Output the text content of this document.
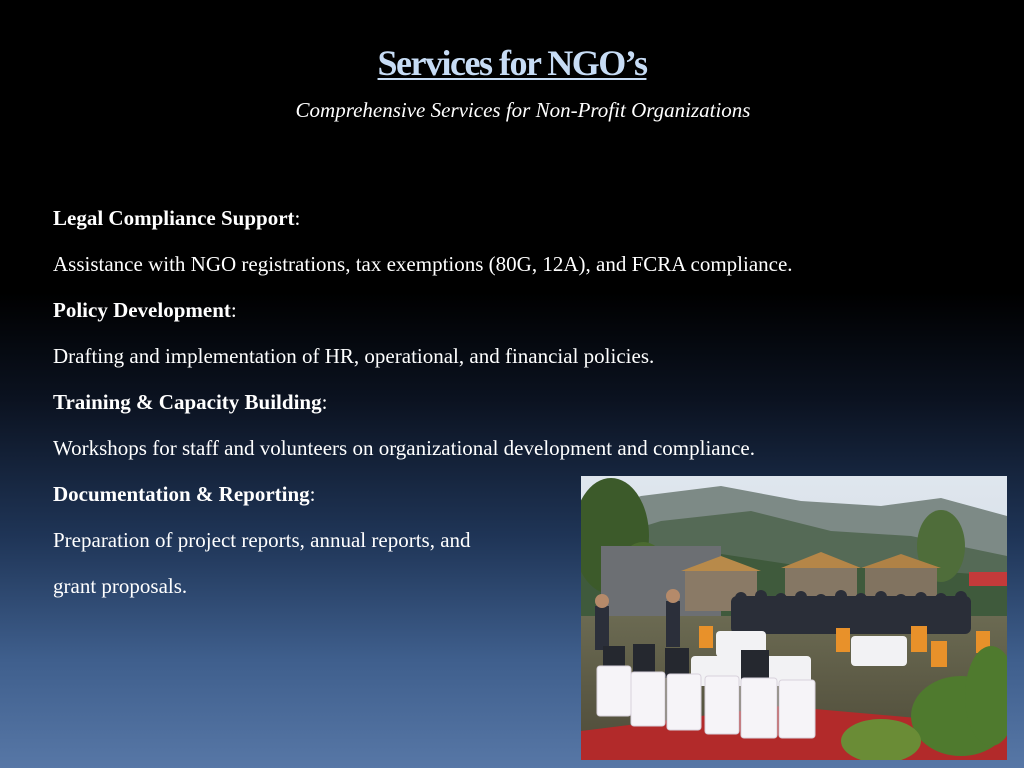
Services for NGO’s
Comprehensive Services for Non-Profit Organizations
Legal Compliance Support:
Assistance with NGO registrations, tax exemptions (80G, 12A), and FCRA compliance.
Policy Development:
Drafting and implementation of HR, operational, and financial policies.
Training & Capacity Building:
Workshops for staff and volunteers on organizational development and compliance.
Documentation & Reporting:
Preparation of project reports, annual reports, and
grant proposals.
